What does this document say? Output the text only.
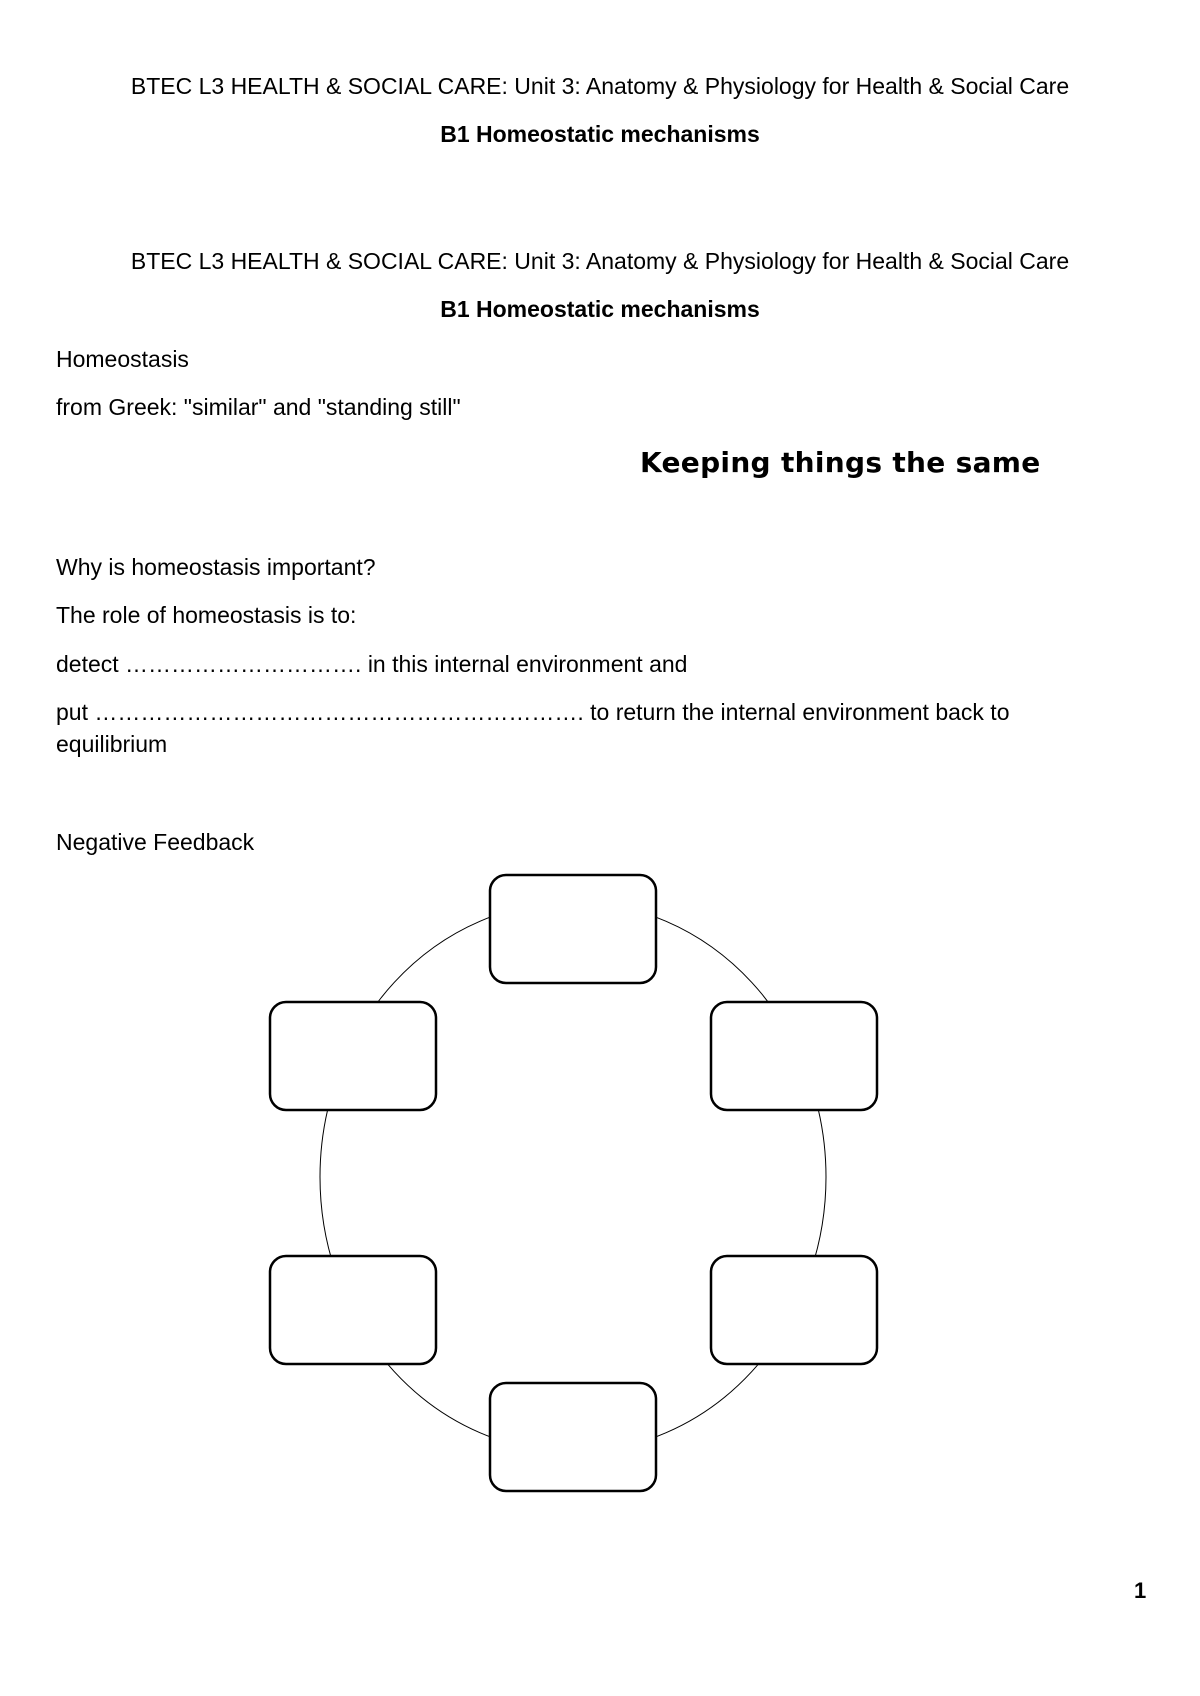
BTEC L3 HEALTH & SOCIAL CARE: Unit 3: Anatomy & Physiology for Health & Social Care
B1 Homeostatic mechanisms
BTEC L3 HEALTH & SOCIAL CARE: Unit 3: Anatomy & Physiology for Health & Social Care
B1 Homeostatic mechanisms
Homeostasis
from Greek: "similar" and "standing still"
Keeping things the same
Why is homeostasis important?
The role of homeostasis is to:
detect …………………………. in this internal environment and
put ………………………………………………………. to return the internal environment back to equilibrium
Negative Feedback
1
